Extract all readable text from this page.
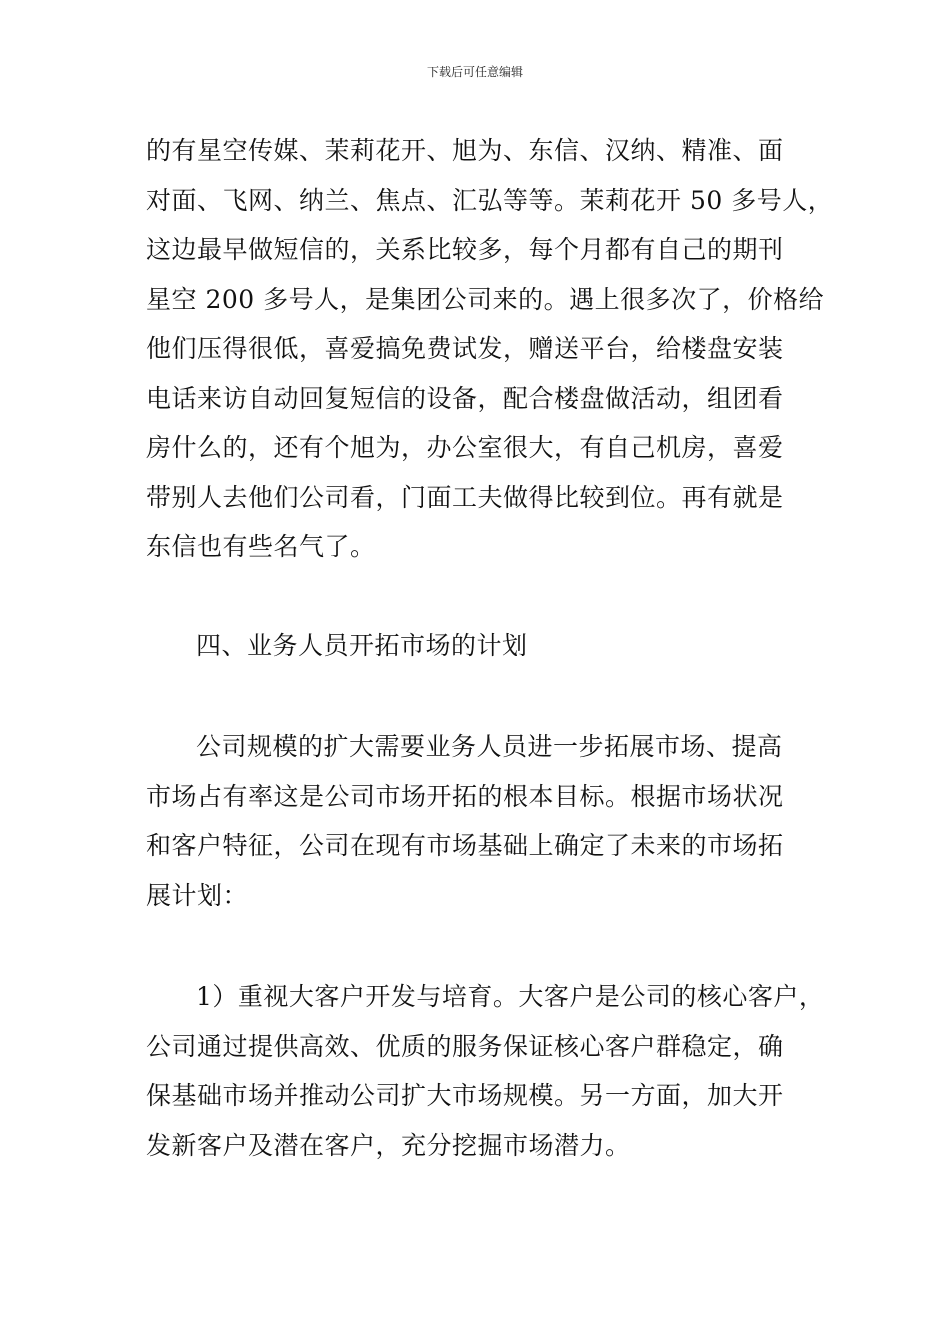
下载后可任意编辑
的有星空传媒、茉莉花开、旭为、东信、汉纳、精准、面
对面、飞网、纳兰、焦点、汇弘等等。茉莉花开 50 多号人，
这边最早做短信的，关系比较多，每个月都有自己的期刊
星空 200 多号人，是集团公司来的。遇上很多次了，价格给
他们压得很低，喜爱搞免费试发，赠送平台，给楼盘安装
电话来访自动回复短信的设备，配合楼盘做活动，组团看
房什么的，还有个旭为，办公室很大，有自己机房，喜爱
带别人去他们公司看，门面工夫做得比较到位。再有就是
东信也有些名气了。
四、业务人员开拓市场的计划
公司规模的扩大需要业务人员进一步拓展市场、提高
市场占有率这是公司市场开拓的根本目标。根据市场状况
和客户特征，公司在现有市场基础上确定了未来的市场拓
展计划：
1）重视大客户开发与培育。大客户是公司的核心客户，
公司通过提供高效、优质的服务保证核心客户群稳定，确
保基础市场并推动公司扩大市场规模。另一方面，加大开
发新客户及潜在客户，充分挖掘市场潜力。
